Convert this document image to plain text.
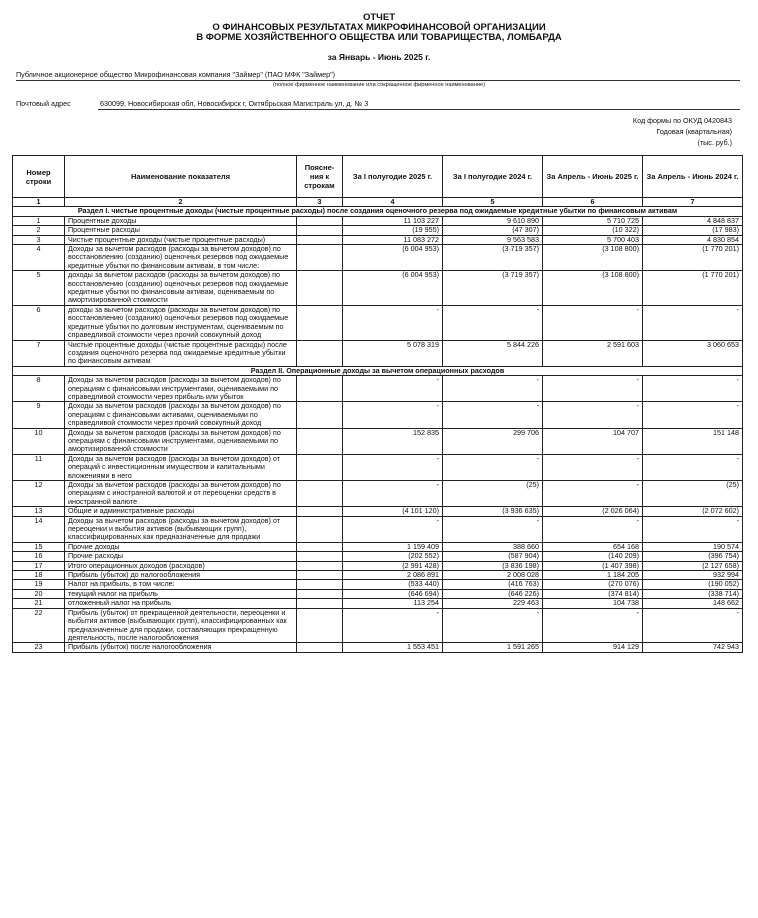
ОТЧЕТ
О ФИНАНСОВЫХ РЕЗУЛЬТАТАХ МИКРОФИНАНСОВОЙ ОРГАНИЗАЦИИ
В ФОРМЕ ХОЗЯЙСТВЕННОГО ОБЩЕСТВА ИЛИ ТОВАРИЩЕСТВА, ЛОМБАРДА
за Январь - Июнь 2025 г.
Публичное акционерное общество Микрофинансовая компания "Займер" (ПАО МФК "Займер")
(полное фирменное наименование или сокращенное фирменное наименование)
Почтовый адрес	630099, Новосибирская обл, Новосибирск г, Октябрьская Магистраль ул, д. № 3
Код формы по ОКУД 0420843
Годовая (квартальная)
(тыс. руб.)
Номер строки	Наименование показателя	Поясне-ния к строкам	За I полугодие 2025 г.	За I полугодие 2024 г.	За Апрель - Июнь 2025 г.	За Апрель - Июнь 2024 г.
1	2	3	4	5	6	7
Раздел I. чистые процентные доходы (чистые процентные расходы) после создания оценочного резерва под ожидаемые кредитные убытки по финансовым активам						
1	Процентные доходы		11 103 227	9 610 890	5 710 725	4 848 837
2	Процентные расходы		(19 955)	(47 307)	(10 322)	(17 983)
3	Чистые процентные доходы (чистые процентные расходы)		11 083 272	9 563 583	5 700 403	4 830 854
4	Доходы за вычетом расходов (расходы за вычетом доходов) по восстановлению (созданию) оценочных резервов под ожидаемые кредитные убытки по финансовым активам, в том числе:		(6 004 953)	(3 719 357)	(3 108 800)	(1 770 201)
5	доходы за вычетом расходов (расходы за вычетом доходов) по восстановлению (созданию) оценочных резервов под ожидаемые кредитные убытки по финансовым активам, оцениваемым по амортизированной стоимости		(6 004 953)	(3 719 357)	(3 108 800)	(1 770 201)
6	доходы за вычетом расходов (расходы за вычетом доходов) по восстановлению (созданию) оценочных резервов под ожидаемые кредитные убытки по долговым инструментам, оцениваемым по справедливой стоимости через прочий совокупный доход		-	-	-	-
7	Чистые процентные доходы (чистые процентные расходы) после создания оценочного резерва под ожидаемые кредитные убытки по финансовым активам		5 078 319	5 844 226	2 591 603	3 060 653
Раздел II. Операционные доходы за вычетом операционных расходов						
8	Доходы за вычетом расходов (расходы за вычетом доходов) по операциям с финансовыми инструментами, оцениваемыми по справедливой стоимости через прибыль или убыток		-	-	-	-
9	Доходы за вычетом расходов (расходы за вычетом доходов) по операциям с финансовыми активами, оцениваемыми по справедливой стоимости через прочий совокупный доход		-	-	-	-
10	Доходы за вычетом расходов (расходы за вычетом доходов) по операциям с финансовыми инструментами, оцениваемыми по амортизированной стоимости		152 835	299 706	104 707	151 148
11	Доходы за вычетом расходов (расходы за вычетом доходов) от операций с инвестиционным имуществом и капитальными вложениями в него		-	-	-	-
12	Доходы за вычетом расходов (расходы за вычетом доходов) по операциям с иностранной валютой и от переоценки средств в иностранной валюте		-	(25)	-	(25)
13	Общие и административные расходы		(4 101 120)	(3 936 635)	(2 026 064)	(2 072 602)
14	Доходы за вычетом расходов (расходы за вычетом доходов) от переоценки и выбытия активов (выбывающих групп), классифицированных как предназначенные для продажи		-	-	-	-
15	Прочие доходы		1 159 409	388 660	654 168	190 574
16	Прочие расходы		(202 552)	(587 904)	(140 209)	(396 754)
17	Итого операционных доходов (расходов)		(2 991 428)	(3 836 198)	(1 407 398)	(2 127 658)
18	Прибыль (убыток) до налогообложения		2 086 891	2 008 028	1 184 205	932 994
19	Налог на прибыль, в том числе:		(533 440)	(416 763)	(270 076)	(190 052)
20	текущий налог на прибыль		(646 694)	(646 226)	(374 814)	(338 714)
21	отложенный налог на прибыль		113 254	229 463	104 738	148 662
22	Прибыль (убыток) от прекращенной деятельности, переоценки и выбытия активов (выбывающих групп), классифицированных как предназначенные для продажи, составляющих прекращенную деятельность, после налогообложения		-	-	-	-
23	Прибыль (убыток) после налогообложения		1 553 451	1 591 265	914 129	742 943
